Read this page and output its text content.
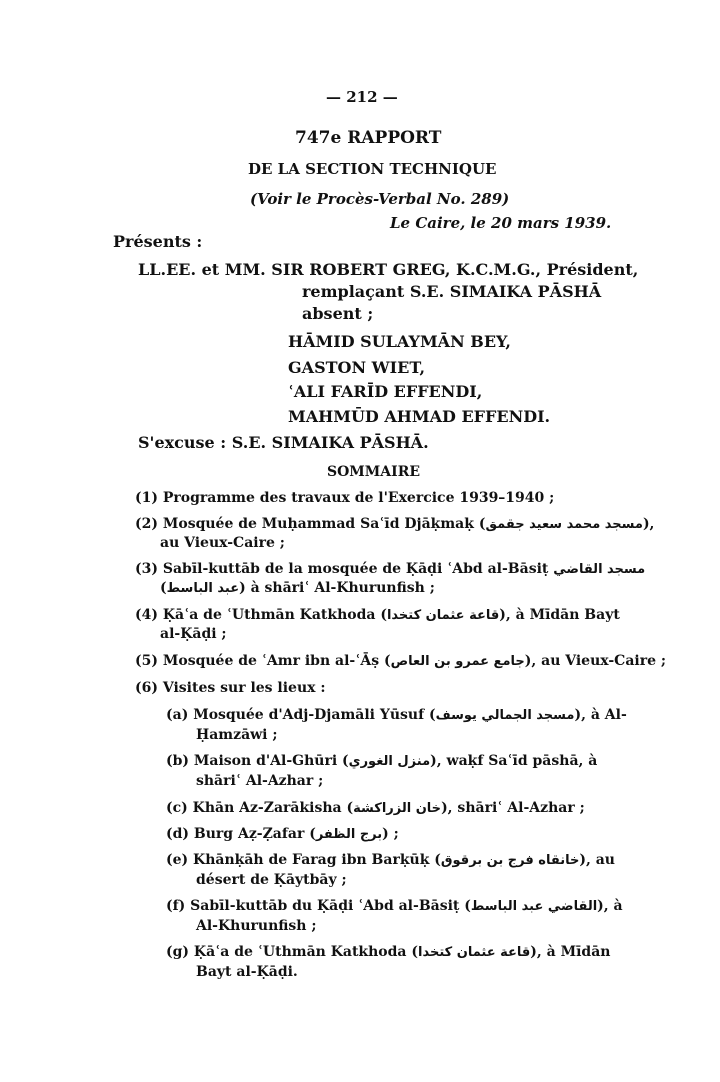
— 212 —
747e RAPPORT
DE LA SECTION TECHNIQUE
(Voir le Procès-Verbal No. 289)
Le Caire, le 20 mars 1939.
Présents :
LL.EE. et MM. SIR ROBERT GREG, K.C.M.G., Président,
remplaçant S.E. SIMAIKA PĀSHĀ
absent ;
HĀMID SULAYMĀN BEY,
GASTON WIET,
ʿALI FARĪD EFFENDI,
MAHMŪD AHMAD EFFENDI.
S'excuse : S.E. SIMAIKA PĀSHĀ.
SOMMAIRE
(1) Programme des travaux de l'Exercice 1939–1940 ;
(2) Mosquée de Muḥammad Saʿīd Djāḳmaḳ (مسجد محمد سعيد جقمق),
au Vieux-Caire ;
(3) Sabīl-kuttāb de la mosquée de Ḳāḍi ʿAbd al-Bāsiṭ مسجد القاضي
(عبد الباسط) à shāriʿ Al-Khurunfish ;
(4) Ḳāʿa de ʿUthmān Katkhoda (قاعة عثمان كتخدا), à Mīdān Bayt
al-Ḳāḍi ;
(5) Mosquée de ʿAmr ibn al-ʿĀṣ (جامع عمرو بن العاص), au Vieux-Caire ;
(6) Visites sur les lieux :
(a) Mosquée d'Adj-Djamāli Yūsuf (مسجد الجمالي يوسف), à Al-
Ḥamzāwi ;
(b) Maison d'Al-Ghūri (منزل الغوري), waḳf Saʿīd pāshā, à
shāriʿ Al-Azhar ;
(c) Khān Az-Zarākisha (خان الزراكشة), shāriʿ Al-Azhar ;
(d) Burg Aẓ-Ẓafar (برج الظفر) ;
(e) Khānḳāh de Farag ibn Barḳūḳ (خانقاه فرج بن برقوق), au
désert de Ḳāytbāy ;
(f) Sabīl-kuttāb du Ḳāḍi ʿAbd al-Bāsiṭ (القاضي عبد الباسط), à
Al-Khurunfish ;
(g) Ḳāʿa de ʿUthmān Katkhoda (قاعة عثمان كتخدا), à Mīdān
Bayt al-Ḳāḍi.
